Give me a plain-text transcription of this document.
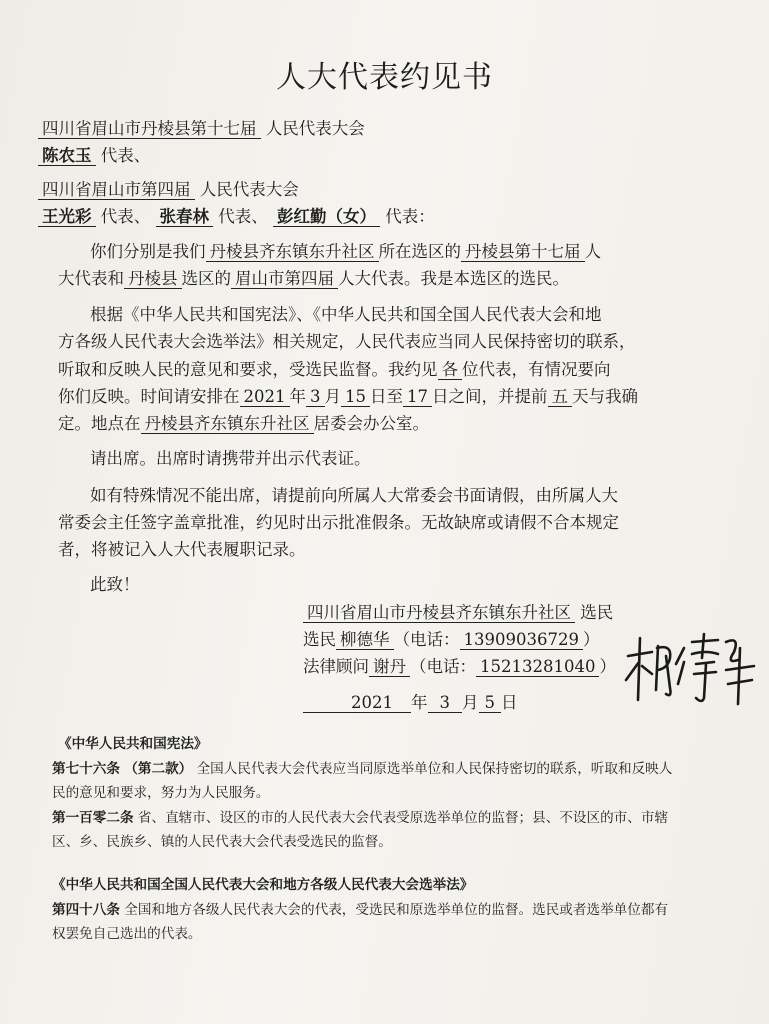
人大代表约见书
四川省眉山市丹棱县第十七届 人民代表大会
陈农玉 代表、
四川省眉山市第四届 人民代表大会
王光彩 代表、 张春林 代表、 彭红勤（女） 代表：
你们分别是我们 丹棱县齐东镇东升社区 所在选区的 丹棱县第十七届 人
大代表和 丹棱县 选区的 眉山市第四届 人大代表。我是本选区的选民。
根据《中华人民共和国宪法》、《中华人民共和国全国人民代表大会和地
方各级人民代表大会选举法》相关规定，人民代表应当同人民保持密切的联系，
听取和反映人民的意见和要求，受选民监督。我约见 各 位代表，有情况要向
你们反映。时间请安排在 2021 年 3 月 15 日至 17 日之间，并提前 五 天与我确
定。地点在 丹棱县齐东镇东升社区 居委会办公室。
请出席。出席时请携带并出示代表证。
如有特殊情况不能出席，请提前向所属人大常委会书面请假，由所属人大
常委会主任签字盖章批准，约见时出示批准假条。无故缺席或请假不合本规定
者，将被记入人大代表履职记录。
此致！
四川省眉山市丹棱县齐东镇东升社区 选民
选民 柳德华 （电话： 13909036729 ）
法律顾问 谢丹 （电话： 15213281040 ）
2021 年 3 月 5 日
《中华人民共和国宪法》
第七十六条 （第二款） 全国人民代表大会代表应当同原选举单位和人民保持密切的联系，听取和反映人
民的意见和要求，努力为人民服务。
第一百零二条 省、直辖市、设区的市的人民代表大会代表受原选举单位的监督；县、不设区的市、市辖
区、乡、民族乡、镇的人民代表大会代表受选民的监督。
《中华人民共和国全国人民代表大会和地方各级人民代表大会选举法》
第四十八条 全国和地方各级人民代表大会的代表，受选民和原选举单位的监督。选民或者选举单位都有
权罢免自己选出的代表。
